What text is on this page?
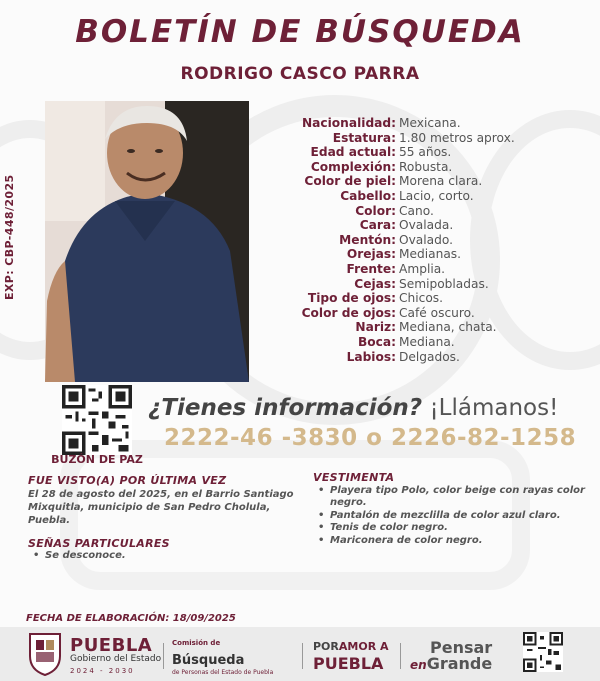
BOLETÍN DE BÚSQUEDA
RODRIGO CASCO PARRA
EXP: CBP-448/2025
Nacionalidad: Mexicana.
Estatura: 1.80 metros aprox.
Edad actual: 55 años.
Complexión: Robusta.
Color de piel: Morena clara.
Cabello: Lacio, corto.
Color: Cano.
Cara: Ovalada.
Mentón: Ovalado.
Orejas: Medianas.
Frente: Amplia.
Cejas: Semipobladas.
Tipo de ojos: Chicos.
Color de ojos: Café oscuro.
Nariz: Mediana, chata.
Boca: Mediana.
Labios: Delgados.
BUZÓN DE PAZ
¿Tienes información? ¡Llámanos!
2222-46 -3830 o 2226-82-1258
FUE VISTO(A) POR ÚLTIMA VEZ
El 28 de agosto del 2025, en el Barrio Santiago Mixquitla, municipio de San Pedro Cholula, Puebla.
VESTIMENTA
• Playera tipo Polo, color beige con rayas color negro.
• Pantalón de mezclilla de color azul claro.
• Tenis de color negro.
• Mariconera de color negro.
SEÑAS PARTICULARES
• Se desconoce.
FECHA DE ELABORACIÓN: 18/09/2025
PUEBLA
Gobierno del Estado
2024 - 2030
Comisión de
Búsqueda
de Personas del Estado de Puebla
PORAMOR A
PUEBLA
Pensar
enGrande
